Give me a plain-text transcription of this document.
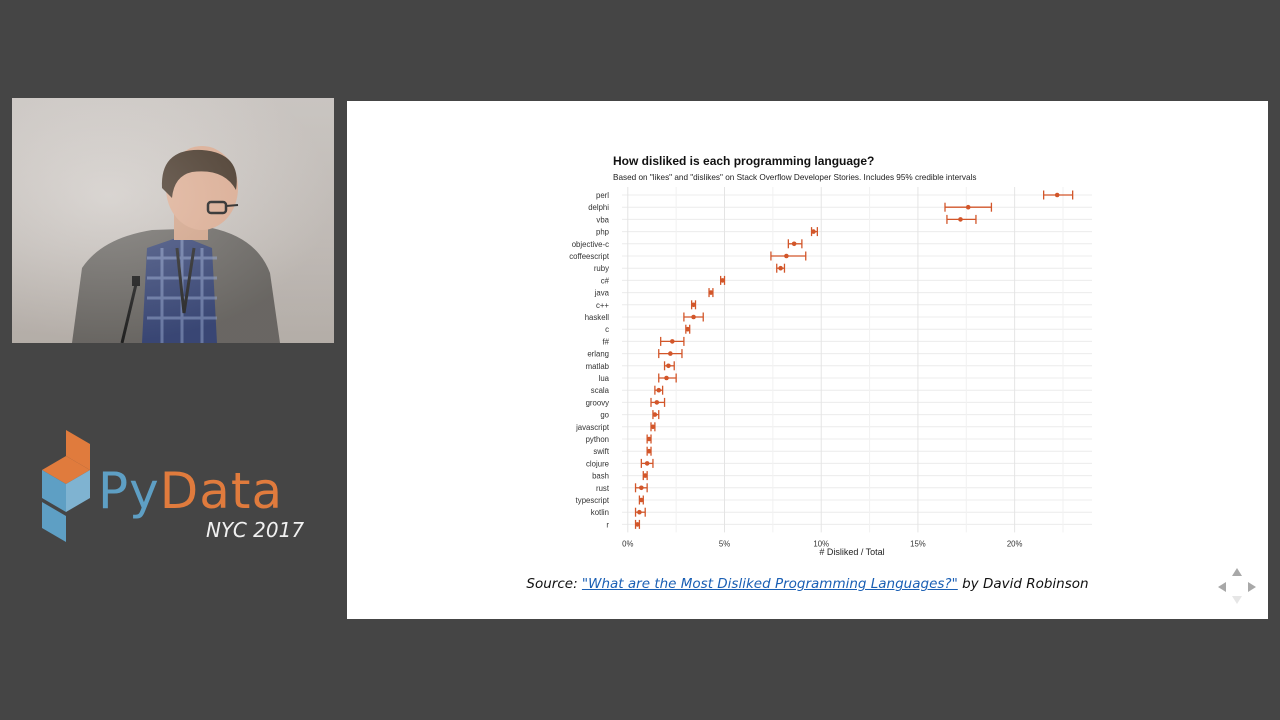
PyData
NYC 2017
How disliked is each programming language?
Based on "likes" and "dislikes" on Stack Overflow Developer Stories. Includes 95% credible intervals
perl
delphi
vba
php
objective-c
coffeescript
ruby
c#
java
c++
haskell
c
f#
erlang
matlab
lua
scala
groovy
go
javascript
python
swift
clojure
bash
rust
typescript
kotlin
r
0%	5%	10%	15%	20%
# Disliked / Total
Source: "What are the Most Disliked Programming Languages?" by David Robinson
